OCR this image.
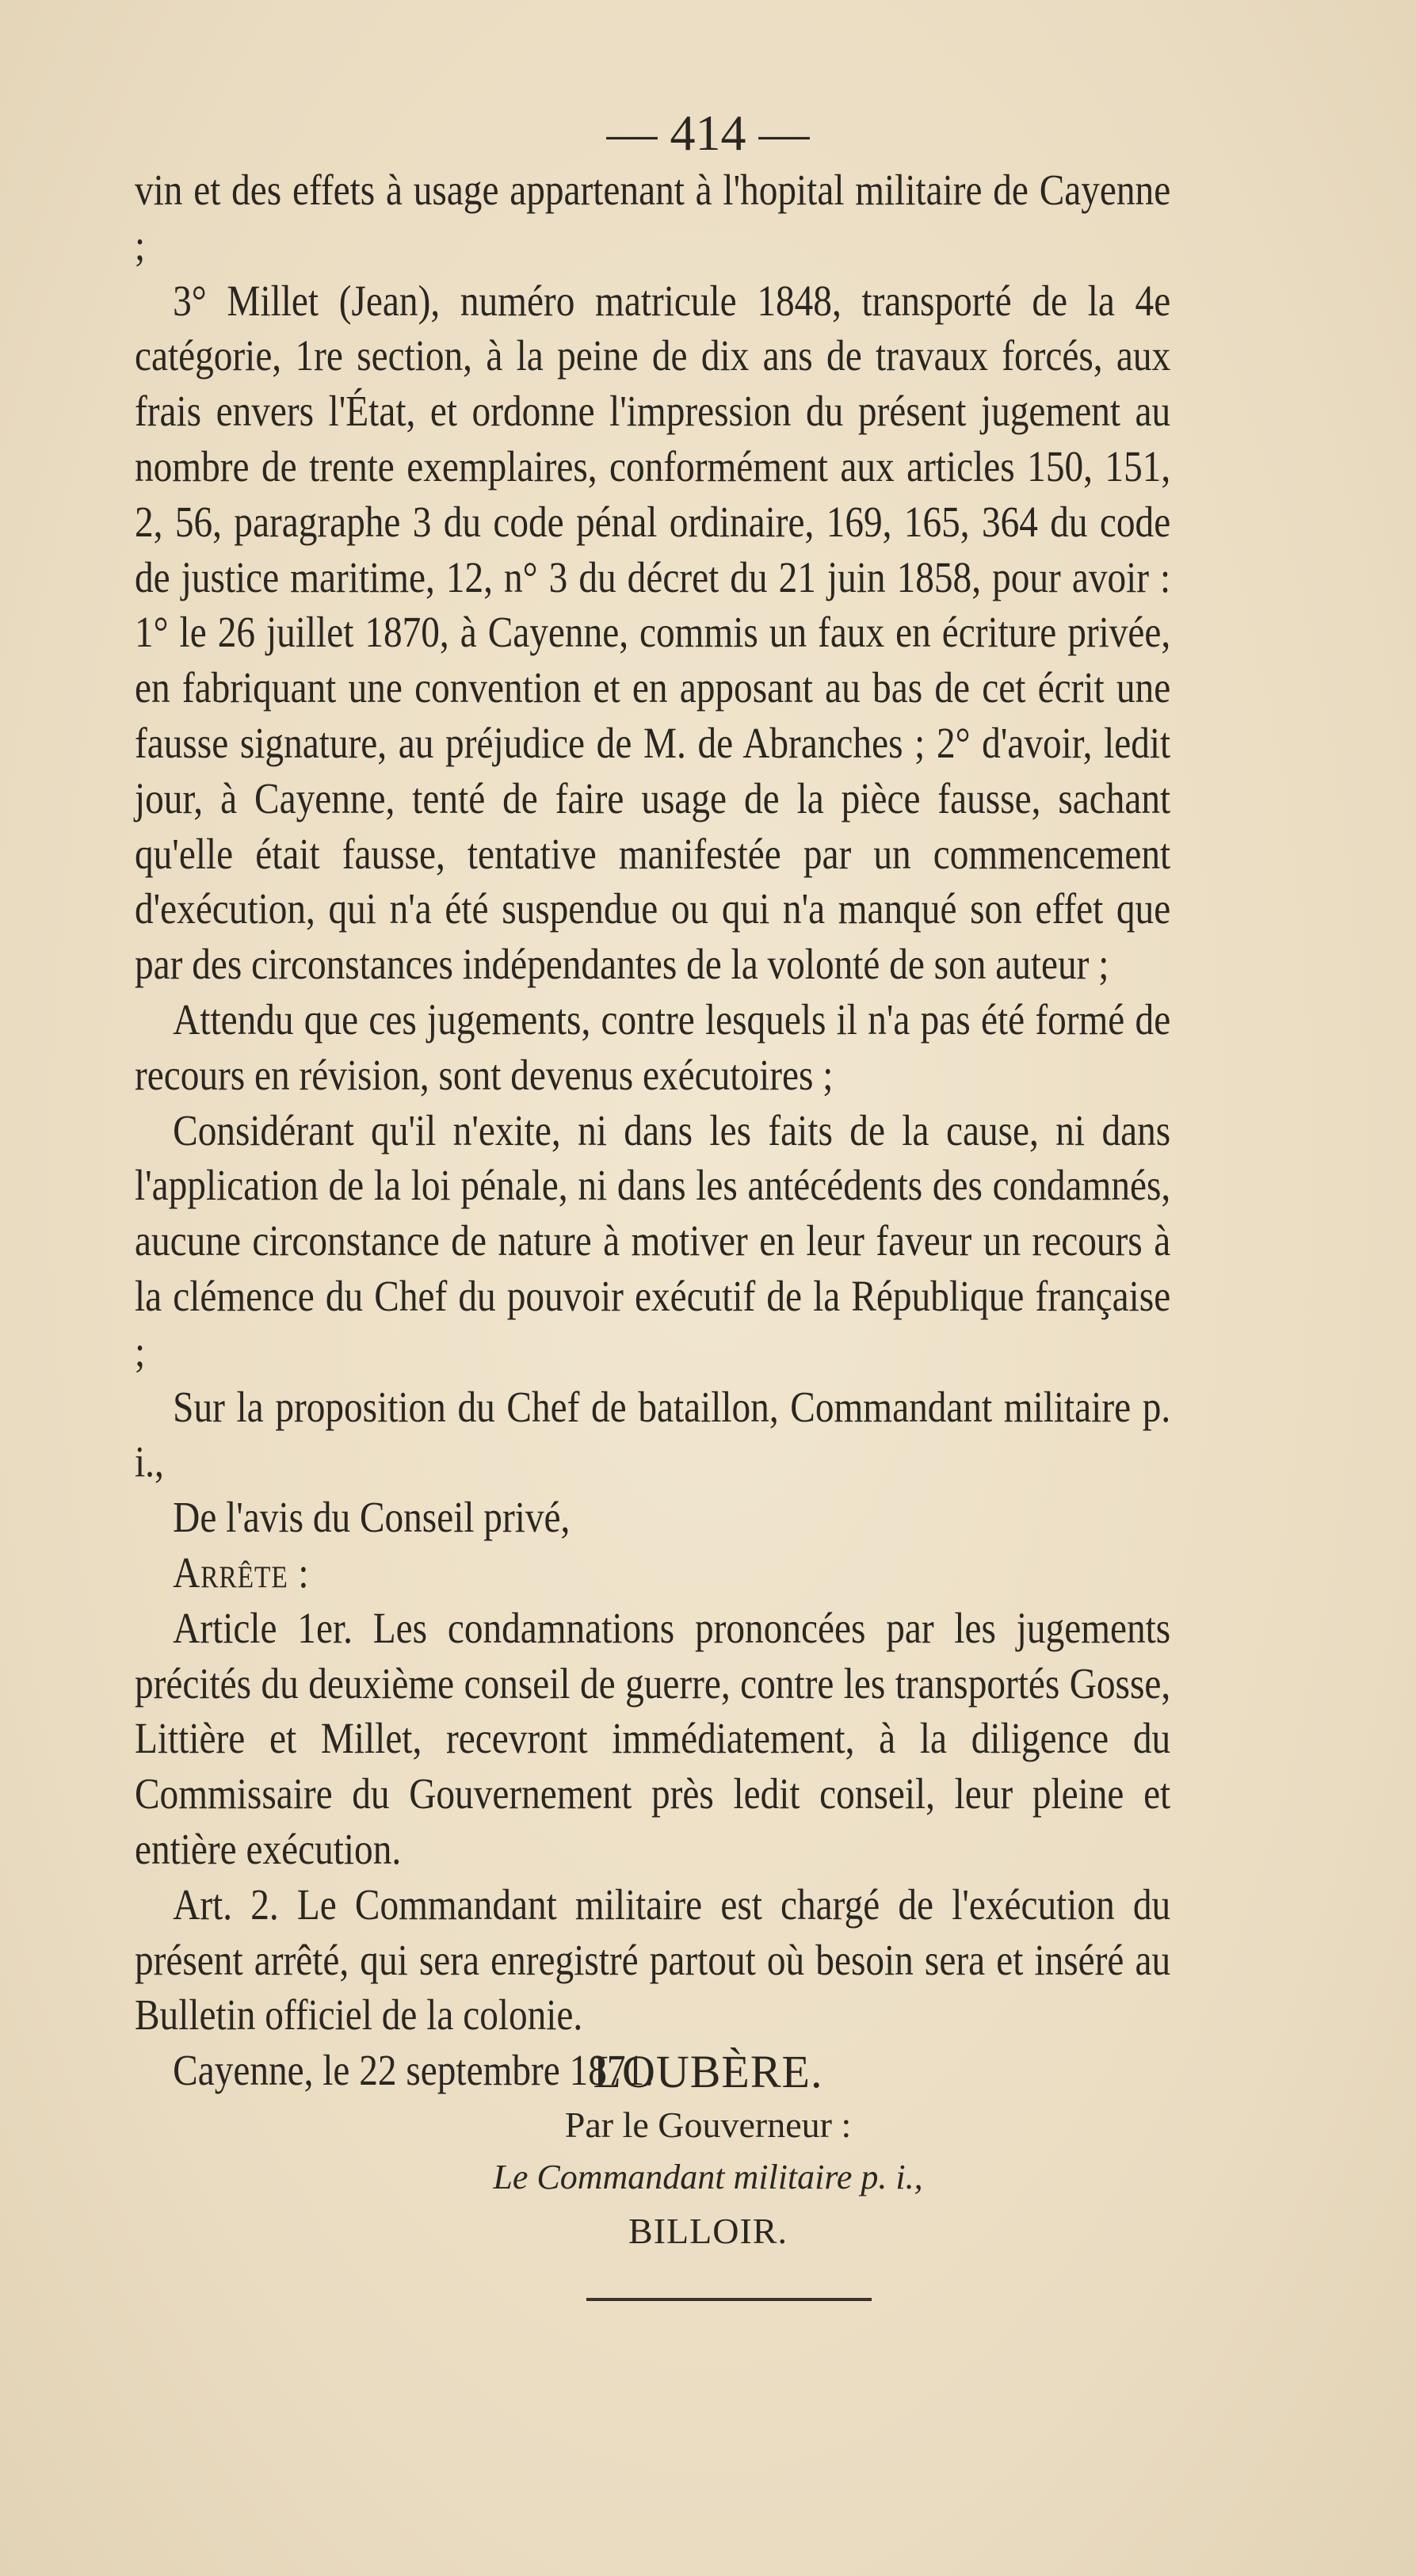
— 414 —

vin et des effets à usage appartenant à l'hopital militaire de Cayenne ;

3° Millet (Jean), numéro matricule 1848, transporté de la 4e catégorie, 1re section, à la peine de dix ans de travaux forcés, aux frais envers l'État, et ordonne l'impression du présent jugement au nombre de trente exemplaires, conformément aux articles 150, 151, 2, 56, paragraphe 3 du code pénal ordinaire, 169, 165, 364 du code de justice maritime, 12, n° 3 du décret du 21 juin 1858, pour avoir : 1° le 26 juillet 1870, à Cayenne, commis un faux en écriture privée, en fabriquant une convention et en apposant au bas de cet écrit une fausse signature, au préjudice de M. de Abranches ; 2° d'avoir, ledit jour, à Cayenne, tenté de faire usage de la pièce fausse, sachant qu'elle était fausse, tentative manifestée par un commencement d'exécution, qui n'a été suspendue ou qui n'a manqué son effet que par des circonstances indépendantes de la volonté de son auteur ;

Attendu que ces jugements, contre lesquels il n'a pas été formé de recours en révision, sont devenus exécutoires ;

Considérant qu'il n'exite, ni dans les faits de la cause, ni dans l'application de la loi pénale, ni dans les antécédents des condamnés, aucune circonstance de nature à motiver en leur faveur un recours à la clémence du Chef du pouvoir exécutif de la République française ;

Sur la proposition du Chef de bataillon, Commandant militaire p. i.,

De l'avis du Conseil privé,

Arrête :

Article 1er. Les condamnations prononcées par les jugements précités du deuxième conseil de guerre, contre les transportés Gosse, Littière et Millet, recevront immédiatement, à la diligence du Commissaire du Gouvernement près ledit conseil, leur pleine et entière exécution.

Art. 2. Le Commandant militaire est chargé de l'exécution du présent arrêté, qui sera enregistré partout où besoin sera et inséré au Bulletin officiel de la colonie.

Cayenne, le 22 septembre 1871.

LOUBÈRE.
Par le Gouverneur :
Le Commandant militaire p. i.,
BILLOIR.
